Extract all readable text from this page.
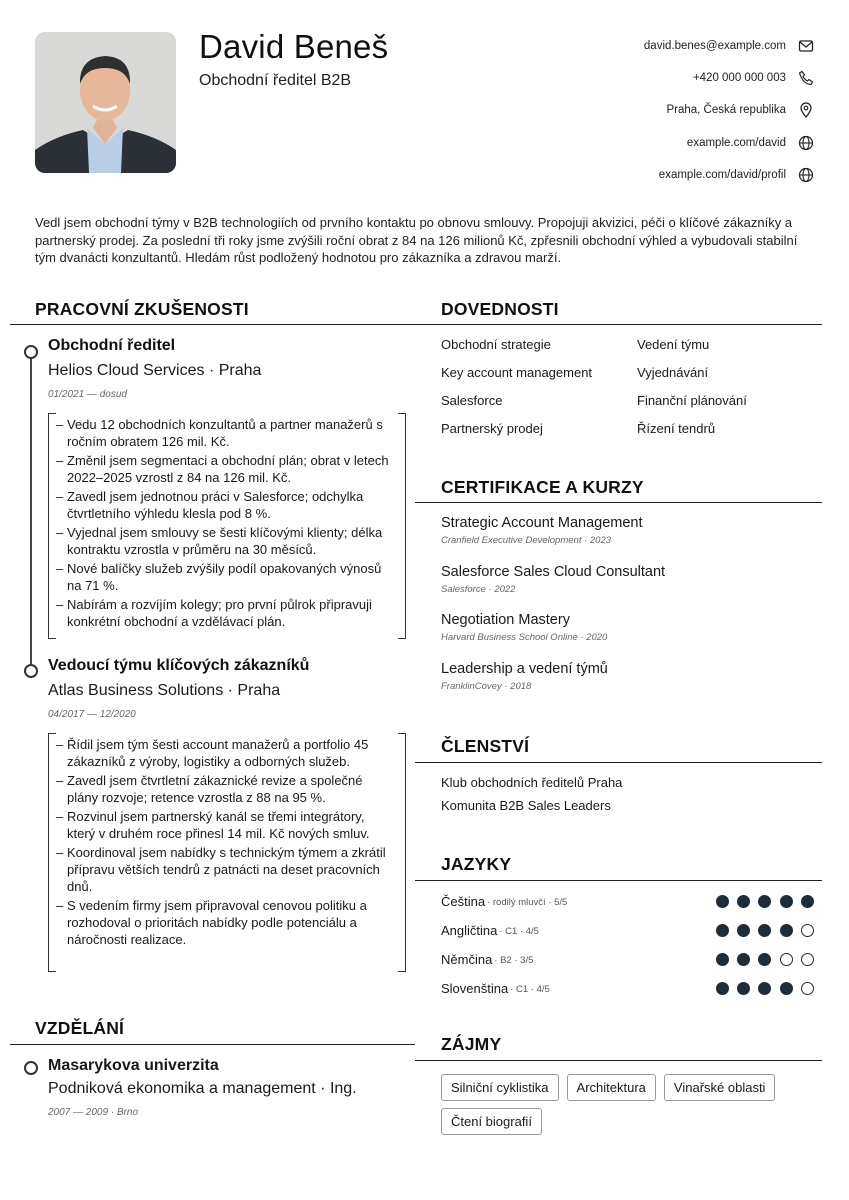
David Beneš
Obchodní ředitel B2B
david.benes@example.com
+420 000 000 003
Praha, Česká republika
example.com/david
example.com/david/profil
Vedl jsem obchodní týmy v B2B technologiích od prvního kontaktu po obnovu smlouvy. Propojuji akvizici, péči o klíčové zákazníky a partnerský prodej. Za poslední tři roky jsme zvýšili roční obrat z 84 na 126 milionů Kč, zpřesnili obchodní výhled a vybudovali stabilní tým dvanácti konzultantů. Hledám růst podložený hodnotou pro zákazníka a zdravou marží.
PRACOVNÍ ZKUŠENOSTI
Obchodní ředitel
Helios Cloud Services · Praha
01/2021 — dosud
– Vedu 12 obchodních konzultantů a partner manažerů s ročním obratem 126 mil. Kč.
– Změnil jsem segmentaci a obchodní plán; obrat v letech 2022–2025 vzrostl z 84 na 126 mil. Kč.
– Zavedl jsem jednotnou práci v Salesforce; odchylka čtvrtletního výhledu klesla pod 8 %.
– Vyjednal jsem smlouvy se šesti klíčovými klienty; délka kontraktu vzrostla v průměru na 30 měsíců.
– Nové balíčky služeb zvýšily podíl opakovaných výnosů na 71 %.
– Nabírám a rozvíjím kolegy; pro první půlrok připravuji konkrétní obchodní a vzdělávací plán.
Vedoucí týmu klíčových zákazníků
Atlas Business Solutions · Praha
04/2017 — 12/2020
– Řídil jsem tým šesti account manažerů a portfolio 45 zákazníků z výroby, logistiky a odborných služeb.
– Zavedl jsem čtvrtletní zákaznické revize a společné plány rozvoje; retence vzrostla z 88 na 95 %.
– Rozvinul jsem partnerský kanál se třemi integrátory, který v druhém roce přinesl 14 mil. Kč nových smluv.
– Koordinoval jsem nabídky s technickým týmem a zkrátil přípravu větších tendrů z patnácti na deset pracovních dnů.
– S vedením firmy jsem připravoval cenovou politiku a rozhodoval o prioritách nabídky podle potenciálu a náročnosti realizace.
VZDĚLÁNÍ
Masarykova univerzita
Podniková ekonomika a management · Ing.
2007 — 2009 · Brno
DOVEDNOSTI
Obchodní strategie	Vedení týmu
Key account management	Vyjednávání
Salesforce	Finanční plánování
Partnerský prodej	Řízení tendrů
CERTIFIKACE A KURZY
Strategic Account Management
Cranfield Executive Development · 2023
Salesforce Sales Cloud Consultant
Salesforce · 2022
Negotiation Mastery
Harvard Business School Online · 2020
Leadership a vedení týmů
FranklinCovey · 2018
ČLENSTVÍ
Klub obchodních ředitelů Praha
Komunita B2B Sales Leaders
JAZYKY
Čeština · rodilý mluvčí · 5/5
Angličtina · C1 · 4/5
Němčina · B2 · 3/5
Slovenština · C1 · 4/5
ZÁJMY
Silniční cyklistika	Architektura	Vinařské oblasti
Čtení biografií
